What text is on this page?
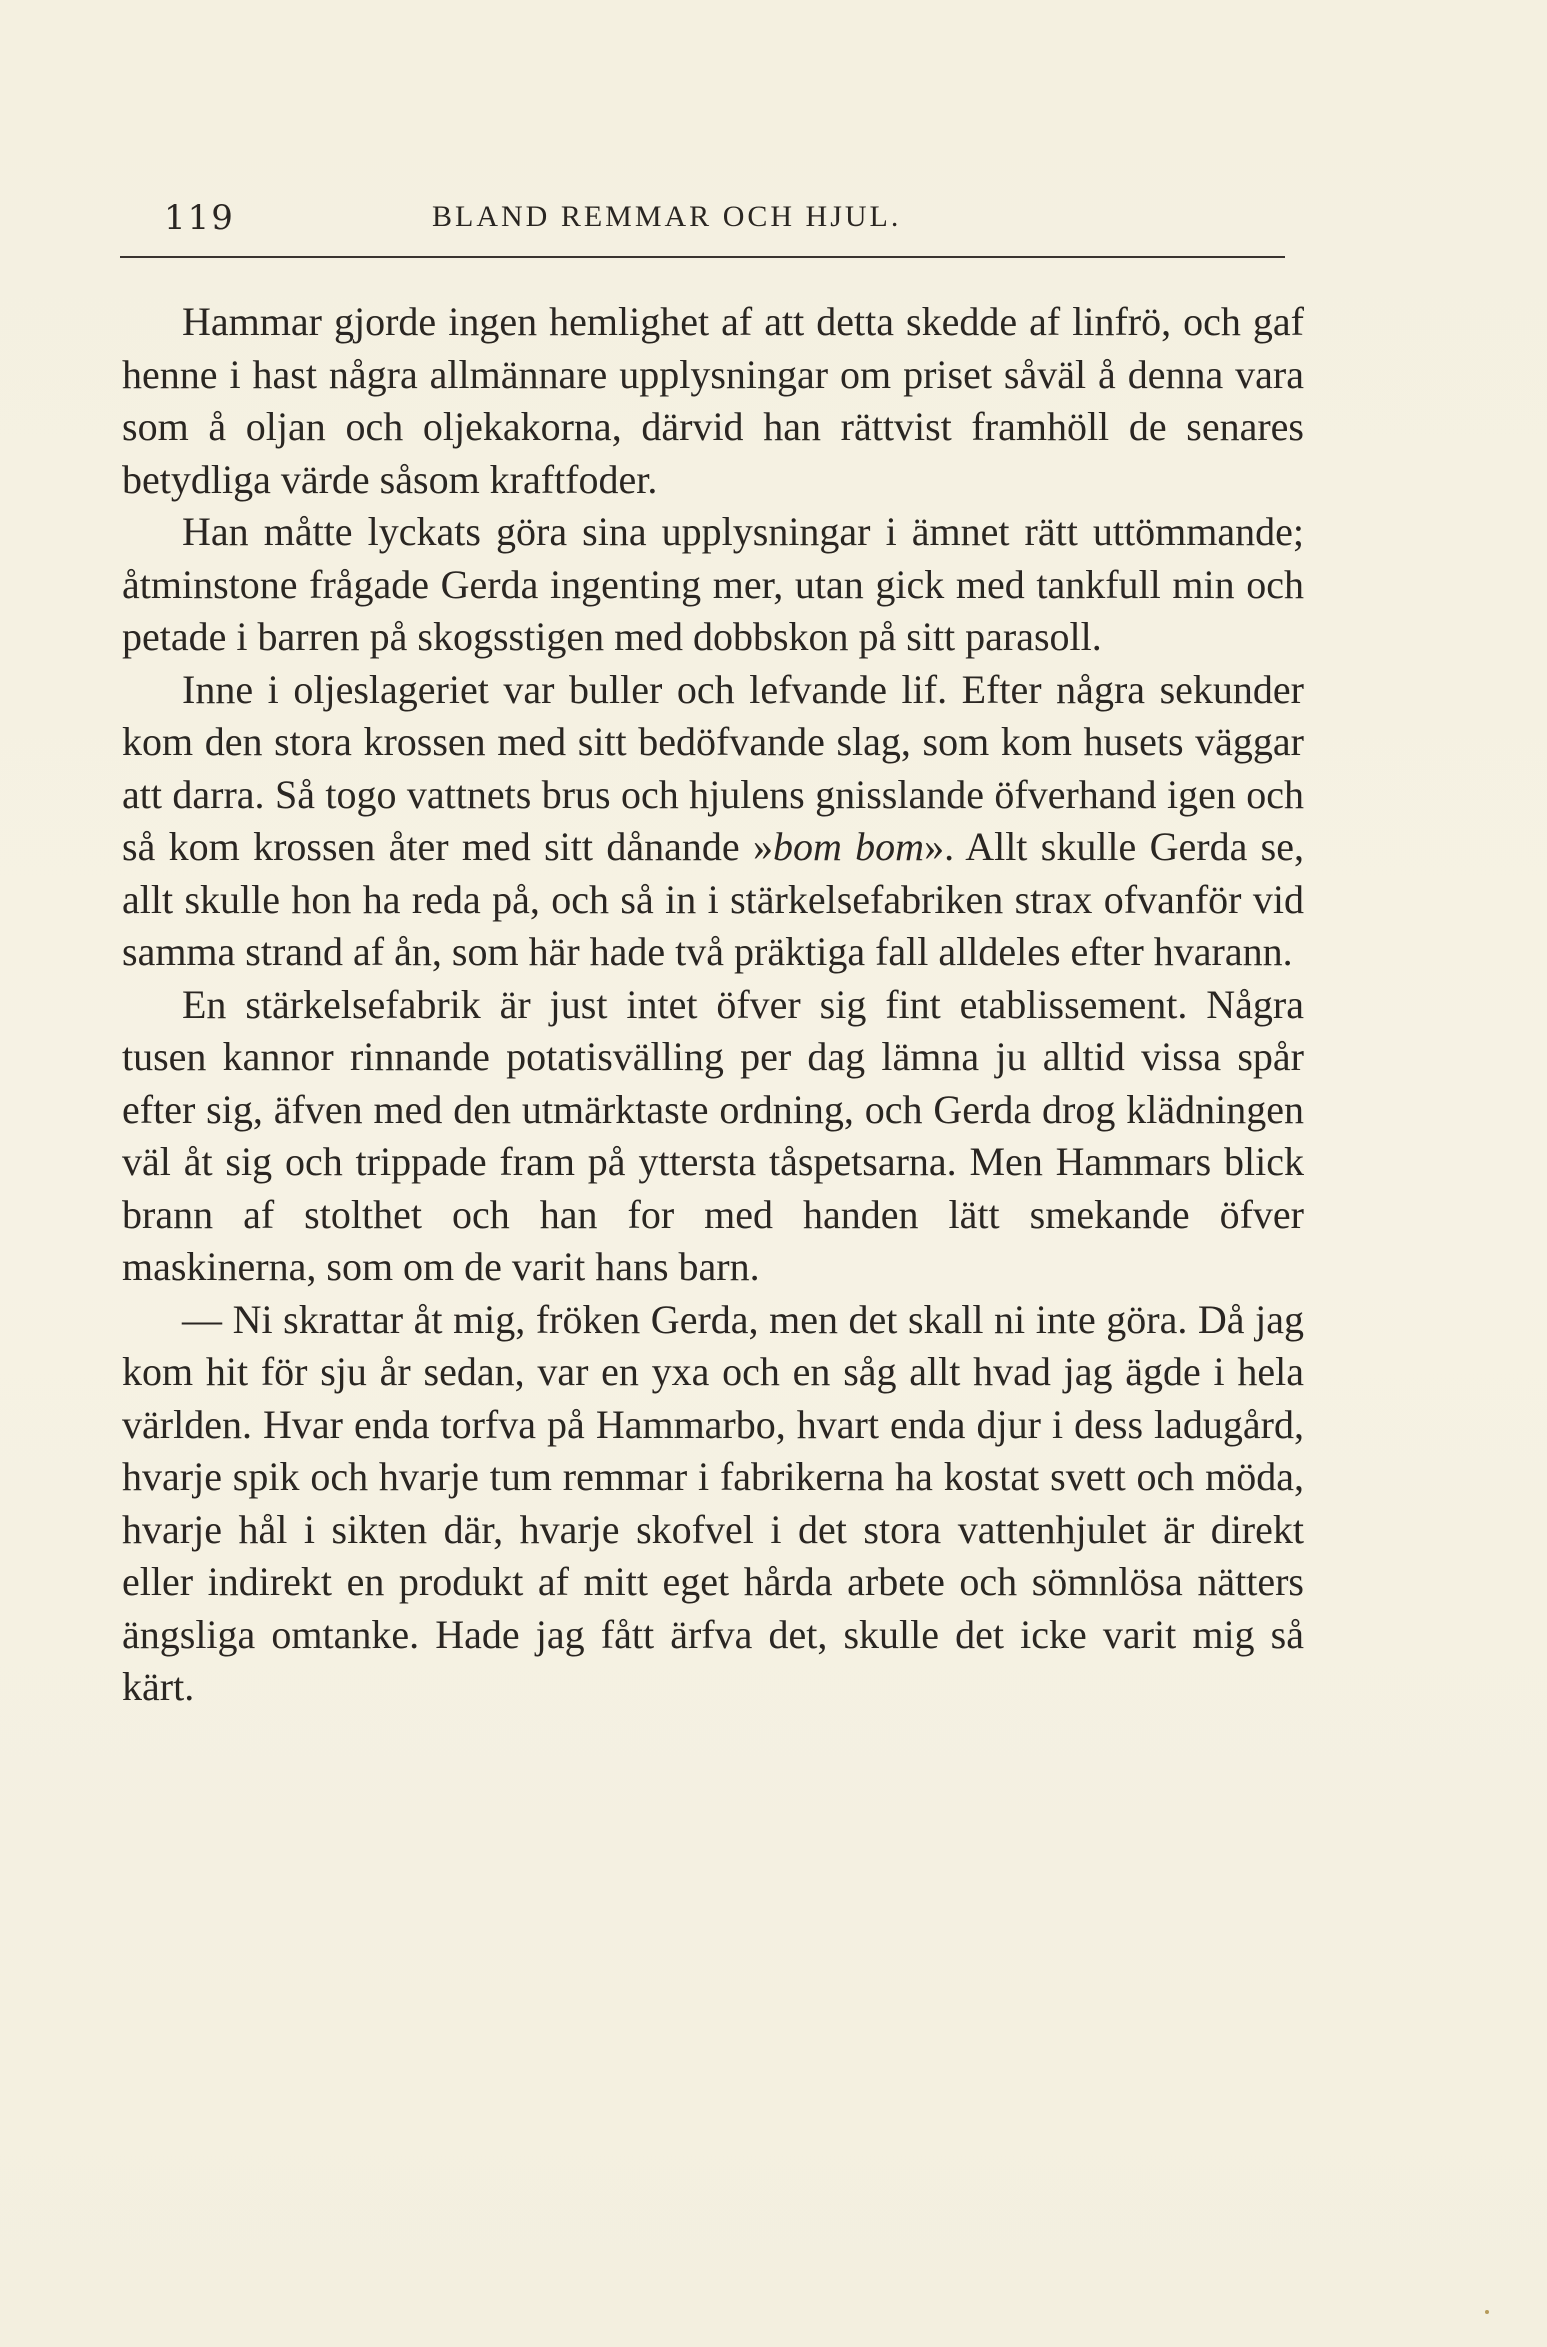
119	BLAND REMMAR OCH HJUL.

Hammar gjorde ingen hemlighet af att detta skedde af linfrö, och gaf henne i hast några allmännare upplysningar om priset såväl å denna vara som å oljan och oljekakorna, därvid han rättvist framhöll de senares betydliga värde såsom kraftfoder.

Han måtte lyckats göra sina upplysningar i ämnet rätt uttömmande; åtminstone frågade Gerda ingenting mer, utan gick med tankfull min och petade i barren på skogsstigen med dobbskon på sitt parasoll.

Inne i oljeslageriet var buller och lefvande lif. Efter några sekunder kom den stora krossen med sitt bedöfvande slag, som kom husets väggar att darra. Så togo vattnets brus och hjulens gnisslande öfverhand igen och så kom krossen åter med sitt dånande »bom bom». Allt skulle Gerda se, allt skulle hon ha reda på, och så in i stärkelsefabriken strax ofvanför vid samma strand af ån, som här hade två präktiga fall alldeles efter hvarann.

En stärkelsefabrik är just intet öfver sig fint etablissement. Några tusen kannor rinnande potatisvälling per dag lämna ju alltid vissa spår efter sig, äfven med den utmärktaste ordning, och Gerda drog klädningen väl åt sig och trippade fram på yttersta tåspetsarna. Men Hammars blick brann af stolthet och han for med handen lätt smekande öfver maskinerna, som om de varit hans barn.

— Ni skrattar åt mig, fröken Gerda, men det skall ni inte göra. Då jag kom hit för sju år sedan, var en yxa och en såg allt hvad jag ägde i hela världen. Hvar enda torfva på Hammarbo, hvart enda djur i dess ladugård, hvarje spik och hvarje tum remmar i fabrikerna ha kostat svett och möda, hvarje hål i sikten där, hvarje skofvel i det stora vattenhjulet är direkt eller indirekt en produkt af mitt eget hårda arbete och sömnlösa nätters ängsliga omtanke. Hade jag fått ärfva det, skulle det icke varit mig så kärt.
